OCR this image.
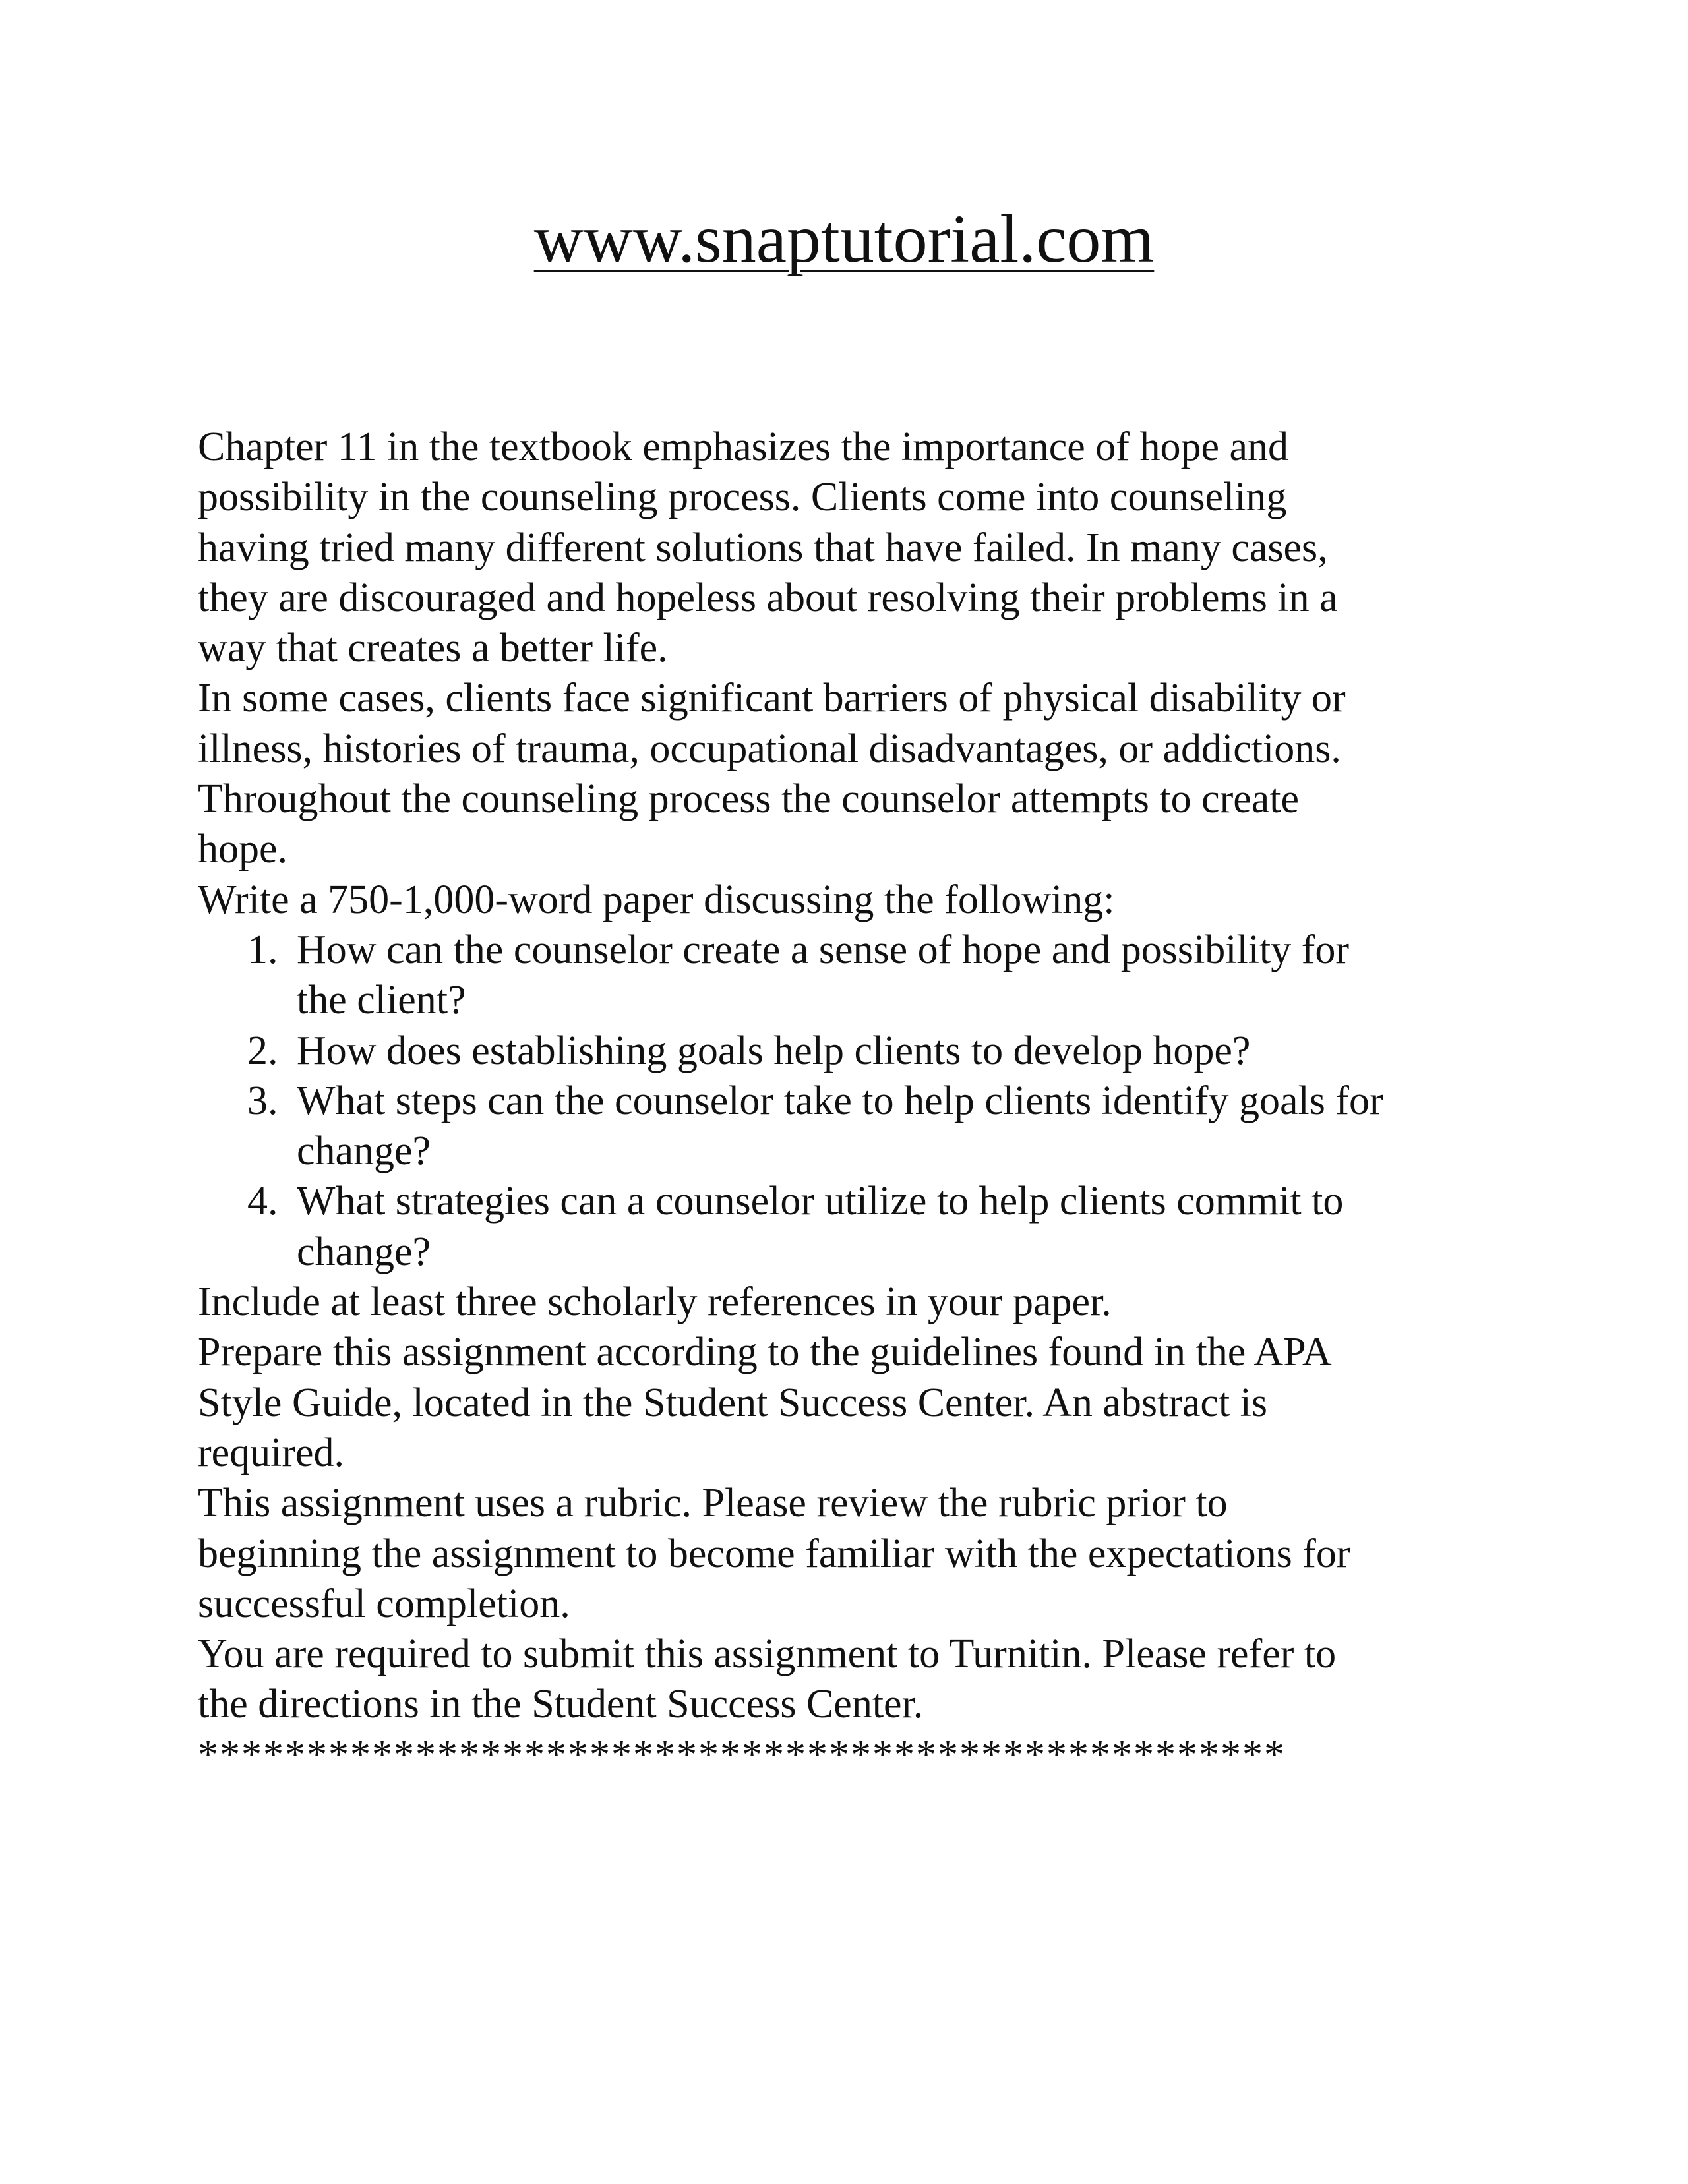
www.snaptutorial.com
Chapter 11 in the textbook emphasizes the importance of hope and
possibility in the counseling process. Clients come into counseling
having tried many different solutions that have failed. In many cases,
they are discouraged and hopeless about resolving their problems in a
way that creates a better life.
In some cases, clients face significant barriers of physical disability or
illness, histories of trauma, occupational disadvantages, or addictions.
Throughout the counseling process the counselor attempts to create
hope.
Write a 750-1,000-word paper discussing the following:
1. How can the counselor create a sense of hope and possibility for
the client?
2. How does establishing goals help clients to develop hope?
3. What steps can the counselor take to help clients identify goals for
change?
4. What strategies can a counselor utilize to help clients commit to
change?
Include at least three scholarly references in your paper.
Prepare this assignment according to the guidelines found in the APA
Style Guide, located in the Student Success Center. An abstract is
required.
This assignment uses a rubric. Please review the rubric prior to
beginning the assignment to become familiar with the expectations for
successful completion.
You are required to submit this assignment to Turnitin. Please refer to
the directions in the Student Success Center.
**************************************************
